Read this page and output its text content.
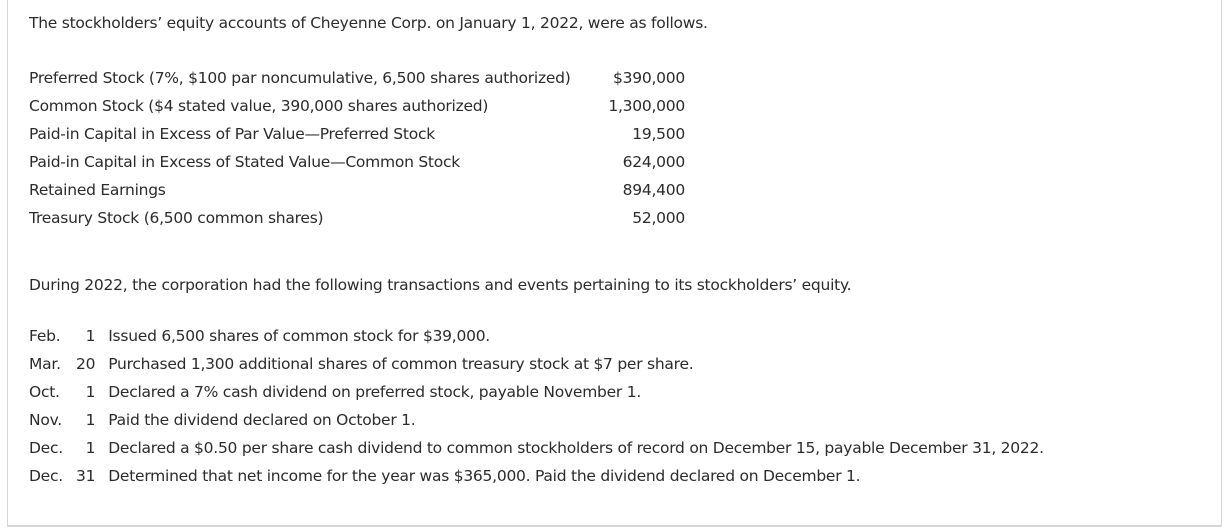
The stockholders’ equity accounts of Cheyenne Corp. on January 1, 2022, were as follows.
Preferred Stock (7%, $100 par noncumulative, 6,500 shares authorized)	$390,000
Common Stock ($4 stated value, 390,000 shares authorized)	1,300,000
Paid-in Capital in Excess of Par Value—Preferred Stock	19,500
Paid-in Capital in Excess of Stated Value—Common Stock	624,000
Retained Earnings	894,400
Treasury Stock (6,500 common shares)	52,000
During 2022, the corporation had the following transactions and events pertaining to its stockholders’ equity.
Feb.	1	Issued 6,500 shares of common stock for $39,000.
Mar.	20	Purchased 1,300 additional shares of common treasury stock at $7 per share.
Oct.	1	Declared a 7% cash dividend on preferred stock, payable November 1.
Nov.	1	Paid the dividend declared on October 1.
Dec.	1	Declared a $0.50 per share cash dividend to common stockholders of record on December 15, payable December 31, 2022.
Dec.	31	Determined that net income for the year was $365,000. Paid the dividend declared on December 1.
